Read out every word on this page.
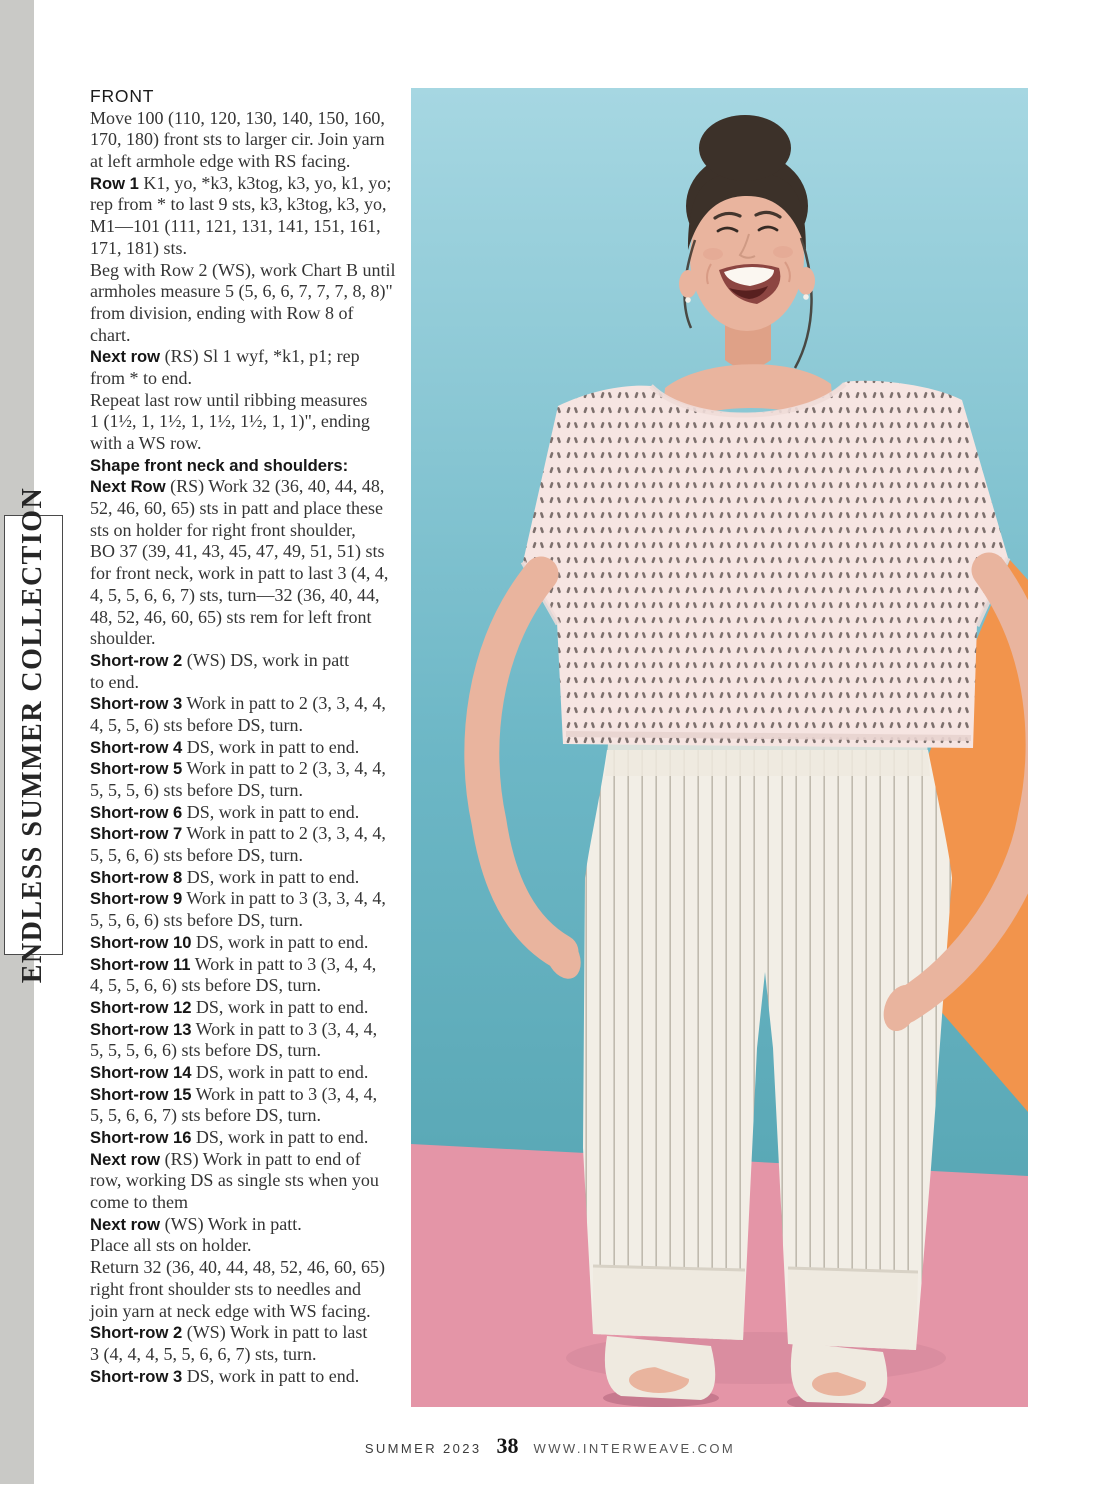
ENDLESS SUMMER COLLECTION
FRONT
Move 100 (110, 120, 130, 140, 150, 160,
170, 180) front sts to larger cir. Join yarn
at left armhole edge with RS facing.
Row 1 K1, yo, *k3, k3tog, k3, yo, k1, yo;
rep from * to last 9 sts, k3, k3tog, k3, yo,
M1—101 (111, 121, 131, 141, 151, 161,
171, 181) sts.
Beg with Row 2 (WS), work Chart B until
armholes measure 5 (5, 6, 6, 7, 7, 7, 8, 8)"
from division, ending with Row 8 of
chart.
Next row (RS) Sl 1 wyf, *k1, p1; rep
from * to end.
Repeat last row until ribbing measures
1 (1½, 1, 1½, 1, 1½, 1½, 1, 1)", ending
with a WS row.
Shape front neck and shoulders:
Next Row (RS) Work 32 (36, 40, 44, 48,
52, 46, 60, 65) sts in patt and place these
sts on holder for right front shoulder,
BO 37 (39, 41, 43, 45, 47, 49, 51, 51) sts
for front neck, work in patt to last 3 (4, 4,
4, 5, 5, 6, 6, 7) sts, turn—32 (36, 40, 44,
48, 52, 46, 60, 65) sts rem for left front
shoulder.
Short-row 2 (WS) DS, work in patt
to end.
Short-row 3 Work in patt to 2 (3, 3, 4, 4,
4, 5, 5, 6) sts before DS, turn.
Short-row 4 DS, work in patt to end.
Short-row 5 Work in patt to 2 (3, 3, 4, 4,
5, 5, 5, 6) sts before DS, turn.
Short-row 6 DS, work in patt to end.
Short-row 7 Work in patt to 2 (3, 3, 4, 4,
5, 5, 6, 6) sts before DS, turn.
Short-row 8 DS, work in patt to end.
Short-row 9 Work in patt to 3 (3, 3, 4, 4,
5, 5, 6, 6) sts before DS, turn.
Short-row 10 DS, work in patt to end.
Short-row 11 Work in patt to 3 (3, 4, 4,
4, 5, 5, 6, 6) sts before DS, turn.
Short-row 12 DS, work in patt to end.
Short-row 13 Work in patt to 3 (3, 4, 4,
5, 5, 5, 6, 6) sts before DS, turn.
Short-row 14 DS, work in patt to end.
Short-row 15 Work in patt to 3 (3, 4, 4,
5, 5, 6, 6, 7) sts before DS, turn.
Short-row 16 DS, work in patt to end.
Next row (RS) Work in patt to end of
row, working DS as single sts when you
come to them
Next row (WS) Work in patt.
Place all sts on holder.
Return 32 (36, 40, 44, 48, 52, 46, 60, 65)
right front shoulder sts to needles and
join yarn at neck edge with WS facing.
Short-row 2 (WS) Work in patt to last
3 (4, 4, 4, 5, 5, 6, 6, 7) sts, turn.
Short-row 3 DS, work in patt to end.
SUMMER 2023 38 WWW.INTERWEAVE.COM
